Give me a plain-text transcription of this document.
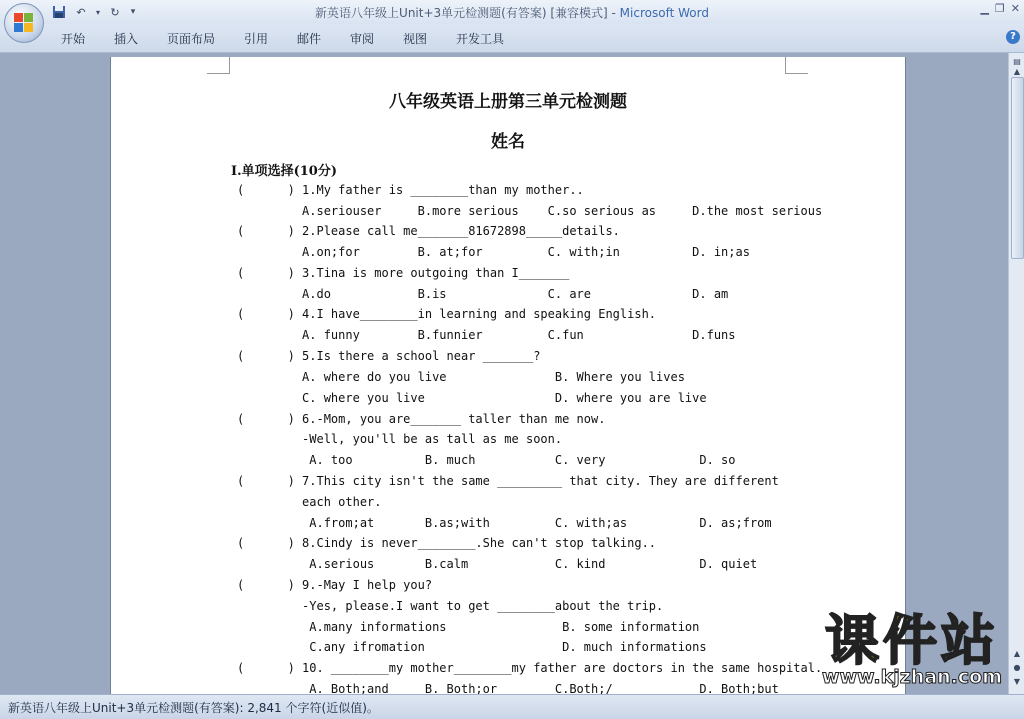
↶	▾ ↻	▾	新英语八年级上Unit+3单元检测题(有答案) [兼容模式] - Microsoft Word	▁ ❐ ✕
开始 插入 页面布局 引用 邮件 审阅 视图 开发工具	?
八年级英语上册第三单元检测题
姓名
I.单项选择(10分)
(      ) 1.My father is ________than my mother..
A.seriouser     B.more serious    C.so serious as     D.the most serious
(      ) 2.Please call me_______81672898_____details.
A.on;for        B. at;for         C. with;in          D. in;as
(      ) 3.Tina is more outgoing than I_______
A.do            B.is              C. are              D. am
(      ) 4.I have________in learning and speaking English.
A. funny        B.funnier         C.fun               D.funs
(      ) 5.Is there a school near _______?
A. where do you live               B. Where you lives
C. where you live                  D. where you are live
(      ) 6.-Mom, you are_______ taller than me now.
-Well, you'll be as tall as me soon.
A. too          B. much           C. very             D. so
(      ) 7.This city isn't the same _________ that city. They are different
each other.
A.from;at       B.as;with         C. with;as          D. as;from
(      ) 8.Cindy is never________.She can't stop talking..
A.serious       B.calm            C. kind             D. quiet
(      ) 9.-May I help you?
-Yes, please.I want to get ________about the trip.
A.many informations                B. some information
C.any ifromation                   D. much informations
(      ) 10. ________my mother________my father are doctors in the same hospital.
A. Both;and     B. Both;or        C.Both;/            D. Both;but
▤
▲
▲
●
▼
新英语八年级上Unit+3单元检测题(有答案): 2,841 个字符(近似值)。
课件站
www.kjzhan.com
